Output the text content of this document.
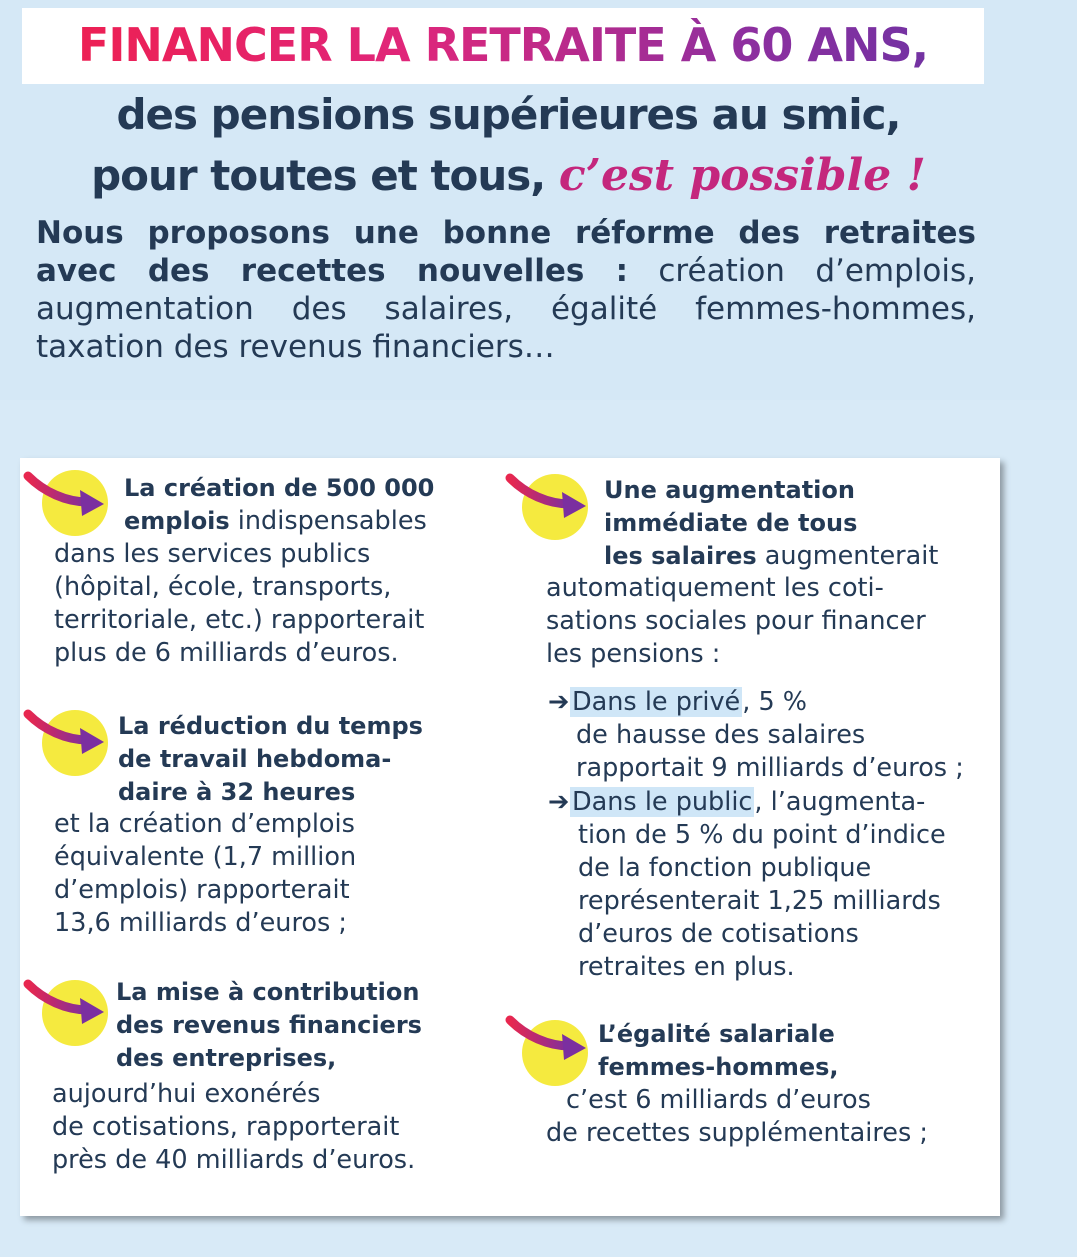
FINANCER LA RETRAITE À 60 ANS,
des pensions supérieures au smic,
pour toutes et tous, c’est possible !
Nous proposons une bonne réforme des retraites avec des recettes nouvelles : création d’emplois, augmentation des salaires, égalité femmes-hommes, taxation des revenus financiers…
La création de 500 000
emplois indispensables
dans les services publics
(hôpital, école, transports,
territoriale, etc.) rapporterait
plus de 6 milliards d’euros.
La réduction du temps
de travail hebdoma-
daire à 32 heures
et la création d’emplois
équivalente (1,7 million
d’emplois) rapporterait
13,6 milliards d’euros ;
La mise à contribution
des revenus financiers
des entreprises,
aujourd’hui exonérés
de cotisations, rapporterait
près de 40 milliards d’euros.
Une augmentation
immédiate de tous
les salaires augmenterait
automatiquement les coti-
sations sociales pour financer
les pensions :
➔ Dans le privé, 5 %
de hausse des salaires
rapportait 9 milliards d’euros ;
➔ Dans le public, l’augmenta-
tion de 5 % du point d’indice
de la fonction publique
représenterait 1,25 milliards
d’euros de cotisations
retraites en plus.
L’égalité salariale
femmes-hommes,
c’est 6 milliards d’euros
de recettes supplémentaires ;
